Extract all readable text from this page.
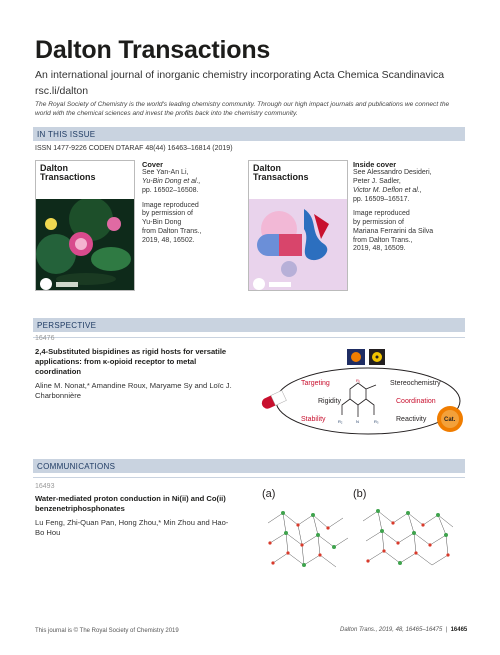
Dalton Transactions
An international journal of inorganic chemistry incorporating Acta Chemica Scandinavica
rsc.li/dalton
The Royal Society of Chemistry is the world's leading chemistry community. Through our high impact journals and publications we connect the world with the chemical sciences and invest the profits back into the chemistry community.
IN THIS ISSUE
ISSN 1477-9226 CODEN DTARAF 48(44) 16463–16814 (2019)
Dalton
Transactions

Cover
See Yan-An Li,
Yu-Bin Dong et al.,
pp. 16502–16508.
Image reproduced
by permission of
Yu-Bin Dong
from Dalton Trans.,
2019, 48, 16502.
Dalton
Transactions

Inside cover
See Alessandro Desideri,
Peter J. Sadler,
Victor M. Deflon et al.,
pp. 16509–16517.
Image reproduced
by permission of
Mariana Ferrarini da Silva
from Dalton Trans.,
2019, 48, 16509.
PERSPECTIVE
16476
2,4-Substituted bispidines as rigid hosts for versatile applications: from κ-opioid receptor to metal coordination
Aline M. Nonat,* Amandine Roux, Maryame Sy and Loïc J. Charbonnière
R₁
N
R₂	R₃
Targeting
Rigidity
Stability
Stereochemistry
Coordination
Reactivity	Cat.
COMMUNICATIONS
16493
Water-mediated proton conduction in Ni(ii) and Co(ii) benzenetriphosphonates
Lu Feng, Zhi-Quan Pan, Hong Zhou,* Min Zhou and Hao-Bo Hou
(a)	(b)
This journal is © The Royal Society of Chemistry 2019	Dalton Trans., 2019, 48, 16465–16475  |  16465
